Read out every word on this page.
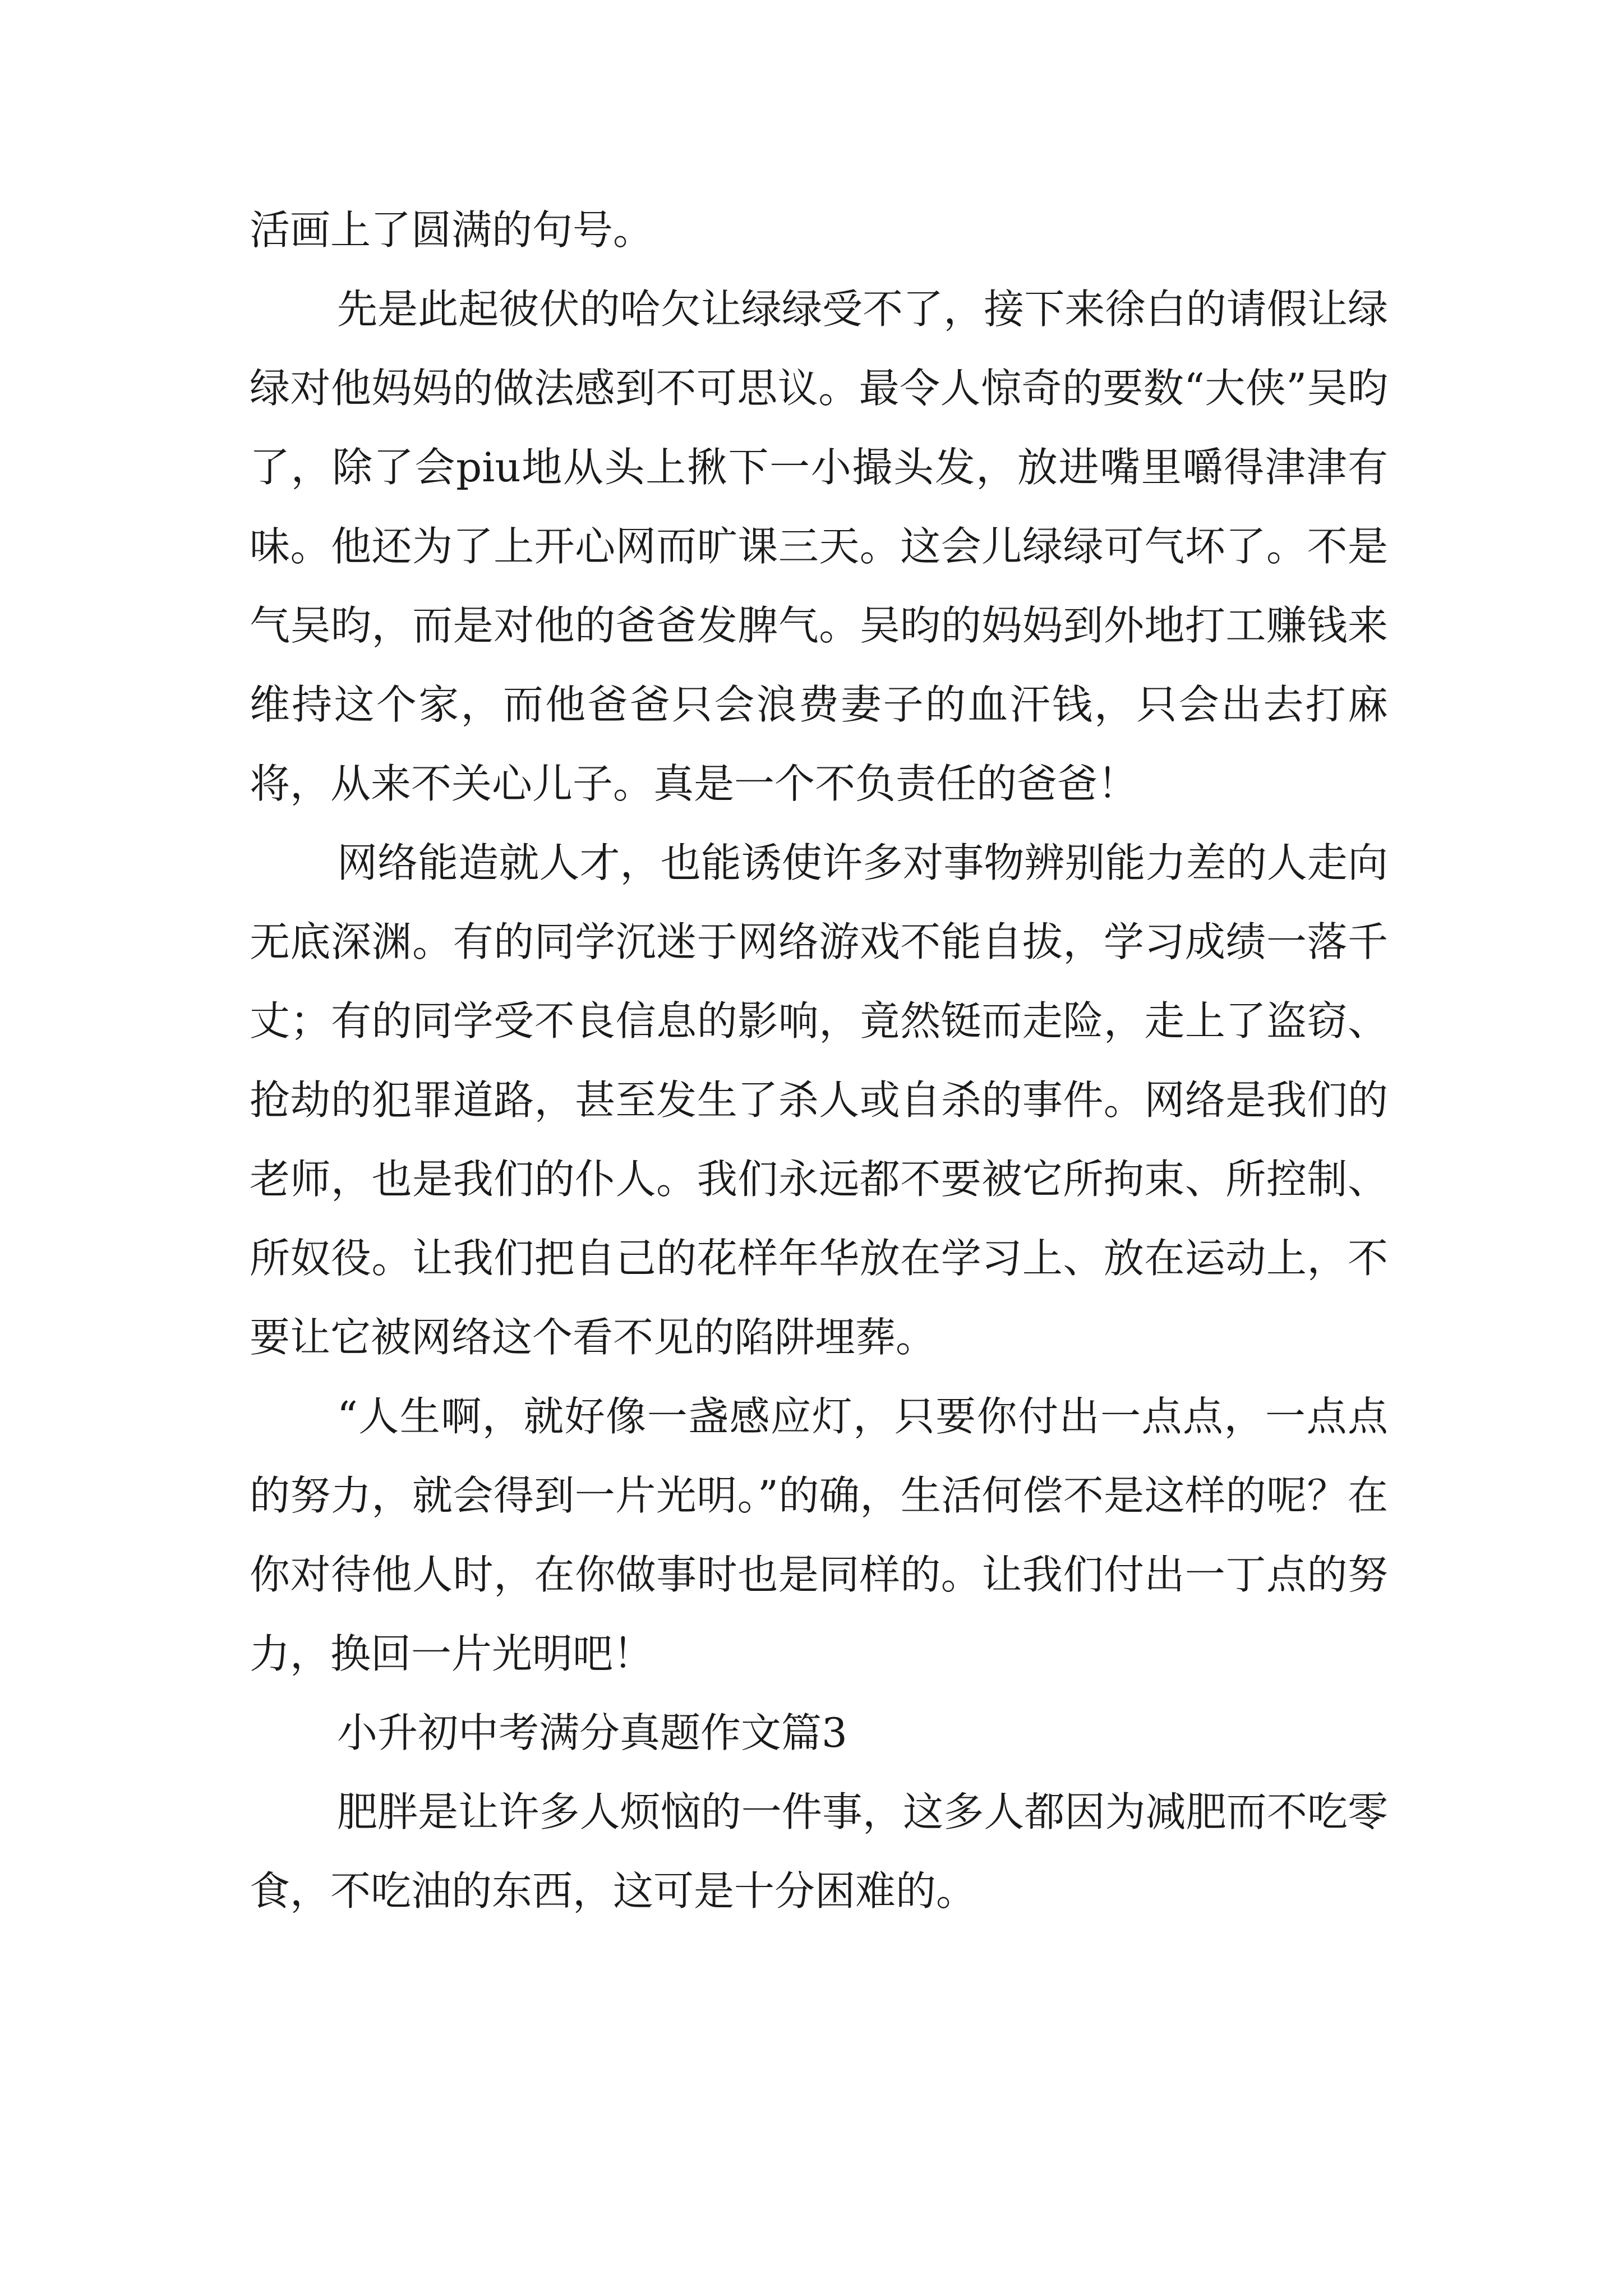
活画上了圆满的句号。

先是此起彼伏的哈欠让绿绿受不了，接下来徐白的请假让绿绿对他妈妈的做法感到不可思议。最令人惊奇的要数“大侠”吴昀了，除了会piu地从头上揪下一小撮头发，放进嘴里嚼得津津有味。他还为了上开心网而旷课三天。这会儿绿绿可气坏了。不是气吴昀，而是对他的爸爸发脾气。吴昀的妈妈到外地打工赚钱来维持这个家，而他爸爸只会浪费妻子的血汗钱，只会出去打麻将，从来不关心儿子。真是一个不负责任的爸爸！

网络能造就人才，也能诱使许多对事物辨别能力差的人走向无底深渊。有的同学沉迷于网络游戏不能自拔，学习成绩一落千丈；有的同学受不良信息的影响，竟然铤而走险，走上了盗窃、抢劫的犯罪道路，甚至发生了杀人或自杀的事件。网络是我们的老师，也是我们的仆人。我们永远都不要被它所拘束、所控制、所奴役。让我们把自己的花样年华放在学习上、放在运动上，不要让它被网络这个看不见的陷阱埋葬。

“人生啊，就好像一盏感应灯，只要你付出一点点，一点点的努力，就会得到一片光明。”的确，生活何偿不是这样的呢？在你对待他人时，在你做事时也是同样的。让我们付出一丁点的努力，换回一片光明吧！

小升初中考满分真题作文篇3

肥胖是让许多人烦恼的一件事，这多人都因为减肥而不吃零食，不吃油的东西，这可是十分困难的。
